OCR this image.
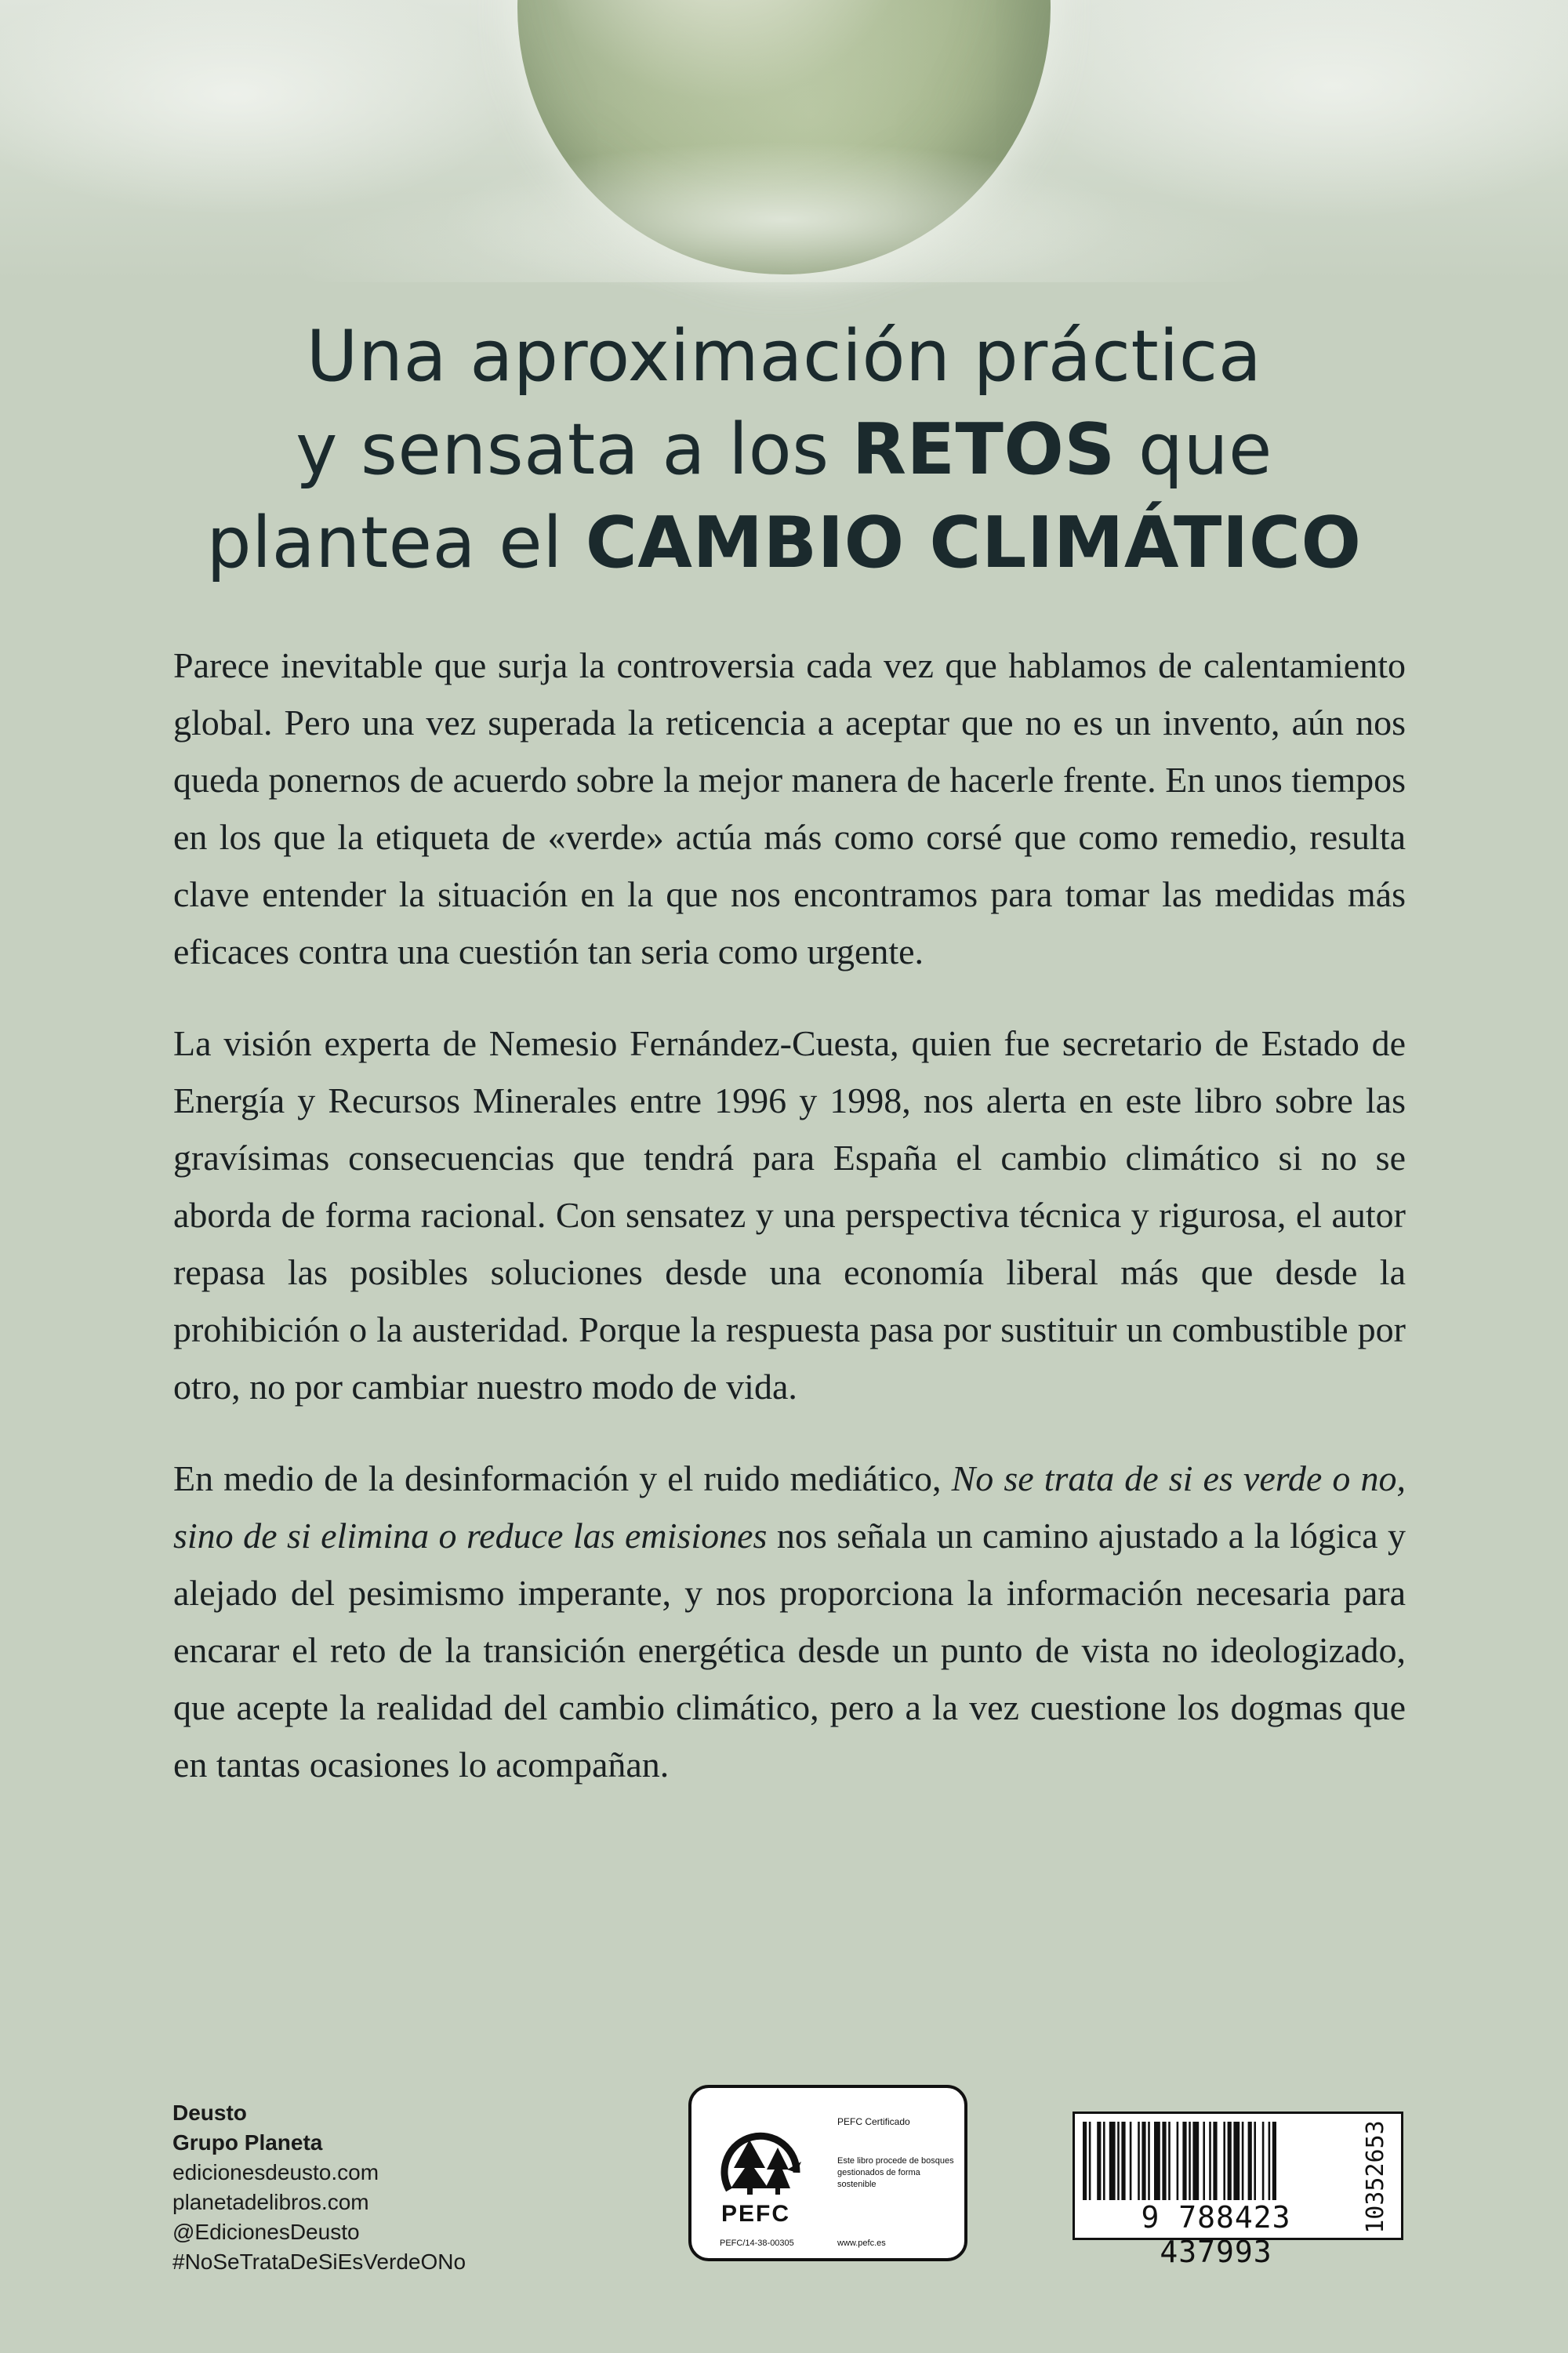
Una aproximación práctica
y sensata a los RETOS que
plantea el CAMBIO CLIMÁTICO

Parece inevitable que surja la controversia cada vez que hablamos de calentamiento global. Pero una vez superada la reticencia a aceptar que no es un invento, aún nos queda ponernos de acuerdo sobre la mejor manera de hacerle frente. En unos tiempos en los que la etiqueta de «verde» actúa más como corsé que como remedio, resulta clave entender la situación en la que nos encontramos para tomar las medidas más eficaces contra una cuestión tan seria como urgente.

La visión experta de Nemesio Fernández-Cuesta, quien fue secretario de Estado de Energía y Recursos Minerales entre 1996 y 1998, nos alerta en este libro sobre las gravísimas consecuencias que tendrá para España el cambio climático si no se aborda de forma racional. Con sensatez y una perspectiva técnica y rigurosa, el autor repasa las posibles soluciones desde una economía liberal más que desde la prohibición o la austeridad. Porque la respuesta pasa por sustituir un combustible por otro, no por cambiar nuestro modo de vida.

En medio de la desinformación y el ruido mediático, No se trata de si es verde o no, sino de si elimina o reduce las emisiones nos señala un camino ajustado a la lógica y alejado del pesimismo imperante, y nos proporciona la información necesaria para encarar el reto de la transición energética desde un punto de vista no ideologizado, que acepte la realidad del cambio climático, pero a la vez cuestione los dogmas que en tantas ocasiones lo acompañan.

Deusto
Grupo Planeta
edicionesdeusto.com
planetadelibros.com
@EdicionesDeusto
#NoSeTrataDeSiEsVerdeONo
PEFC
PEFC/14-38-00305
PEFC Certificado
Este libro procede de bosques gestionados de forma sostenible
www.pefc.es
9 788423 437993
10352653
